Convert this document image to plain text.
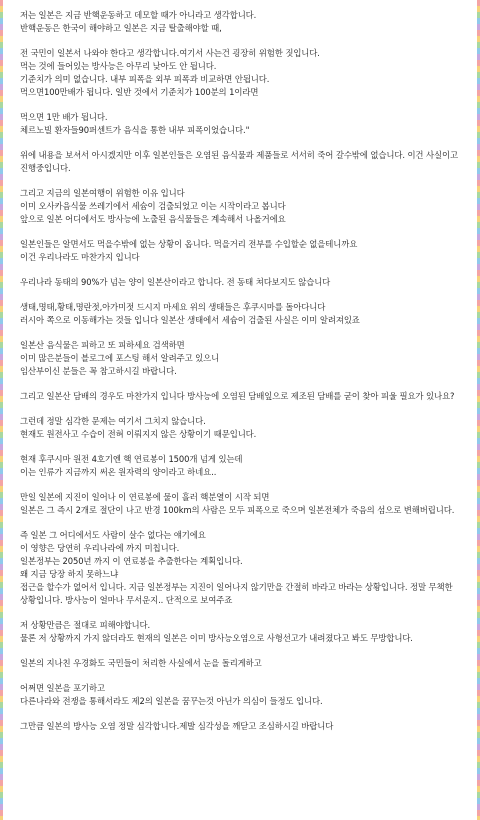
저는 일본은 지금 반핵운동하고 데모할 때가 아니라고 생각합니다.
반핵운동은 한국이 해야하고 일본은 지금 탈출해야할 때,

전 국민이 일본서 나와야 한다고 생각합니다.여기서 사는건 굉장히 위험한 짓입니다.
먹는 것에 들어있는 방사능은 아무리 낮아도 안 됩니다.
기준치가 의미 없습니다. 내부 피폭을 외부 피폭과 비교하면 안됩니다.
먹으면100만배가 됩니다. 일반 것에서 기준치가 100분의 1이라면

먹으면 1만 배가 됩니다.
체르노빌 환자들90퍼센트가 음식을 통한 내부 피폭이었습니다."

위에 내용을 보셔서 아시겠지만 이후 일본인들은 오염된 음식물과 제품들로 서서히 죽어 갈수밖에 없습니다. 이건 사실이고
진행중입니다.

그리고 지금의 일본여행이 위험한 이유 입니다
이미 오사카음식물 쓰레기에서 세슘이 검출되었고 이는 시작이라고 봅니다
앞으로 일본 어디에서도 방사능에 노출된 음식물들은 계속해서 나올거에요

일본인들은 알면서도 먹을수밖에 없는 상황이 옵니다. 먹을거리 전부를 수입할순 없을테니까요
이건 우리나라도 마찬가지 입니다

우리나라 동태의 90%가 넘는 양이 일본산이라고 합니다. 전 동태 쳐다보지도 않습니다

생태,명태,황태,명란젓,아가미젓 드시지 마세요 위의 생태들은 후쿠시마를 돌아다니다
러시아 쪽으로 이동해가는 것들 입니다 일본산 생태에서 세슘이 검출된 사실은 이미 알려져있죠

일본산 음식물은 피하고 또 피하세요 검색하면
이미 많은분들이 블로그에 포스팅 해서 알려주고 있으니
임산부이신 분들은 꼭 참고하시길 바랍니다.

그리고 일본산 담배의 경우도 마찬가지 입니다 방사능에 오염된 담배잎으로 제조된 담배를 굳이 찾아 피울 필요가 있나요?

그런데 정말 심각한 문제는 여기서 그치지 않습니다.
현재도 원전사고 수습이 전혀 이뤄지지 않은 상황이기 때문입니다.

현재 후쿠시마 원전 4호기엔 핵 연료봉이 1500개 넘게 있는데
이는 인류가 지금까지 써온 원자력의 양이라고 하네요..

만일 일본에 지진이 일어나 이 연료봉에 물이 흘러 핵분열이 시작 되면
일본은 그 즉시 2개로 절단이 나고 반경 100km의 사람은 모두 피폭으로 죽으며 일본전체가 죽음의 섬으로 변해버립니다.

즉 일본 그 어디에서도 사람이 살수 없다는 얘기에요
이 영향은 당연히 우리나라에 까지 미칩니다.
일본정부는 2050년 까지 이 연료봉을 추출한다는 계획입니다.
왜 지금 당장 하지 못하느냐
접근을 할수가 없어서 입니다. 지금 일본정부는 지진이 일어나지 않기만을 간절히 바라고 바라는 상황입니다. 정말 무책한
상황입니다. 방사능이 얼마나 무서운지.. 단적으로 보여주죠

저 상황만큼은 절대로 피해야합니다.
물론 저 상황까지 가지 않더라도 현재의 일본은 이미 방사능오염으로 사형선고가 내려졌다고 봐도 무방합니다.

일본의 지나친 우경화도 국민들이 처리한 사실에서 눈을 돌리게하고

어쩌면 일본을 포기하고
다른나라와 전쟁을 통해서라도 제2의 일본을 꿈꾸는것 아닌가 의심이 들정도 입니다.

그만큼 일본의 방사능 오염 정말 심각합니다.제발 심각성을 깨닫고 조심하시길 바랍니다
